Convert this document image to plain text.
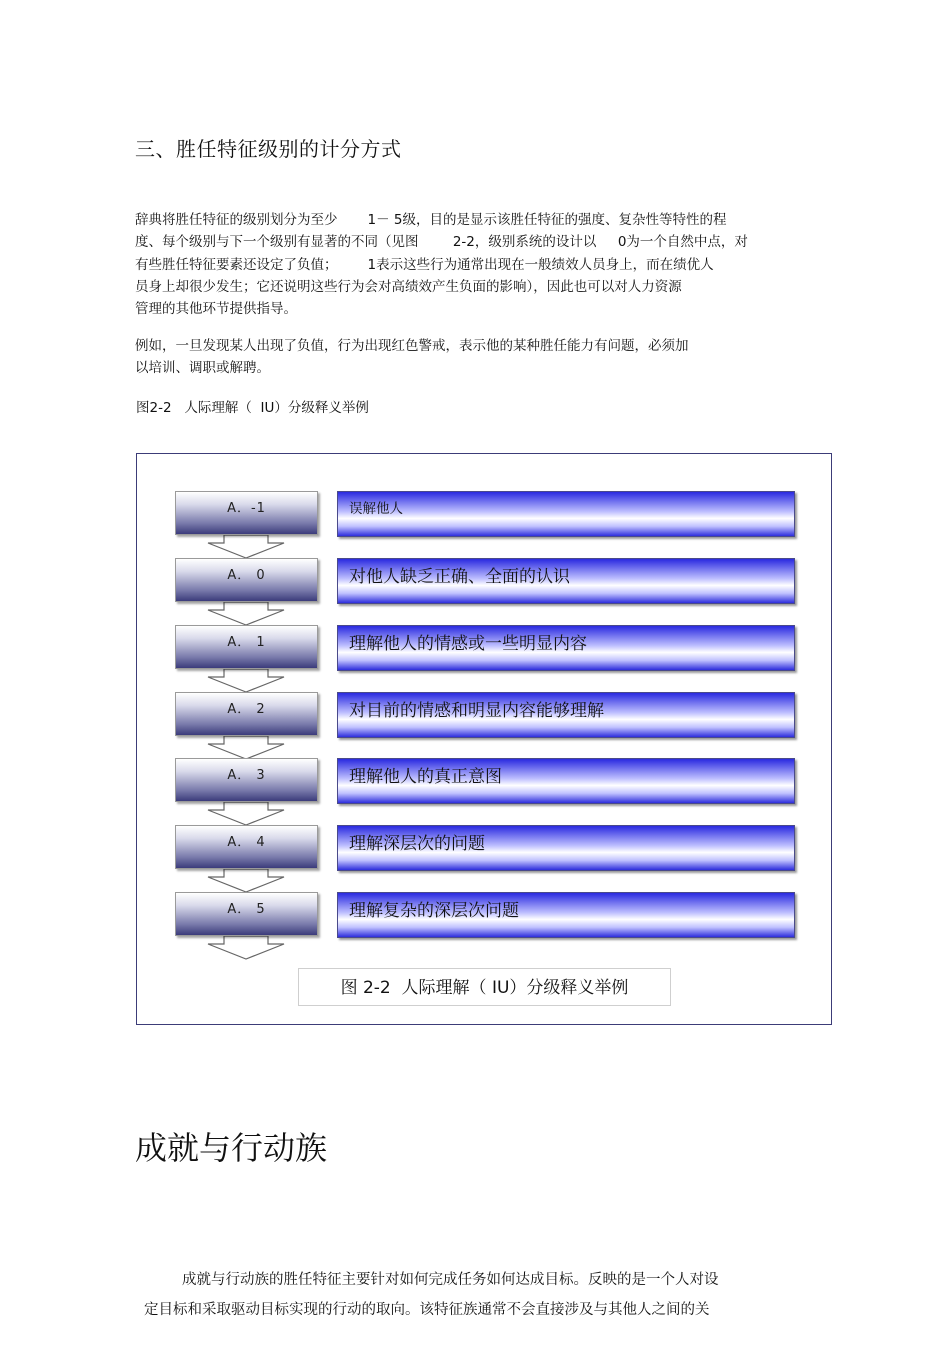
三、胜任特征级别的计分方式
辞典将胜任特征的级别划分为至少       1－ 5级，目的是显示该胜任特征的强度、复杂性等特性的程
度、每个级别与下一个级别有显著的不同（见图        2-2，级别系统的设计以     0为一个自然中点，对
有些胜任特征要素还设定了负值；       1表示这些行为通常出现在一般绩效人员身上，而在绩优人
员身上却很少发生；它还说明这些行为会对高绩效产生负面的影响），因此也可以对人力资源
管理的其他环节提供指导。
例如，一旦发现某人出现了负值，行为出现红色警戒，表示他的某种胜任能力有问题，必须加
以培训、调职或解聘。
图2-2   人际理解（  IU）分级释义举例
A．-1	误解他人
A． 0	对他人缺乏正确、全面的认识
A． 1	理解他人的情感或一些明显内容
A． 2	对目前的情感和明显内容能够理解
A． 3	理解他人的真正意图
A． 4	理解深层次的问题
A． 5	理解复杂的深层次问题
图 2-2  人际理解（ IU）分级释义举例
成就与行动族
成就与行动族的胜任特征主要针对如何完成任务如何达成目标。反映的是一个人对设
定目标和采取驱动目标实现的行动的取向。该特征族通常不会直接涉及与其他人之间的关
